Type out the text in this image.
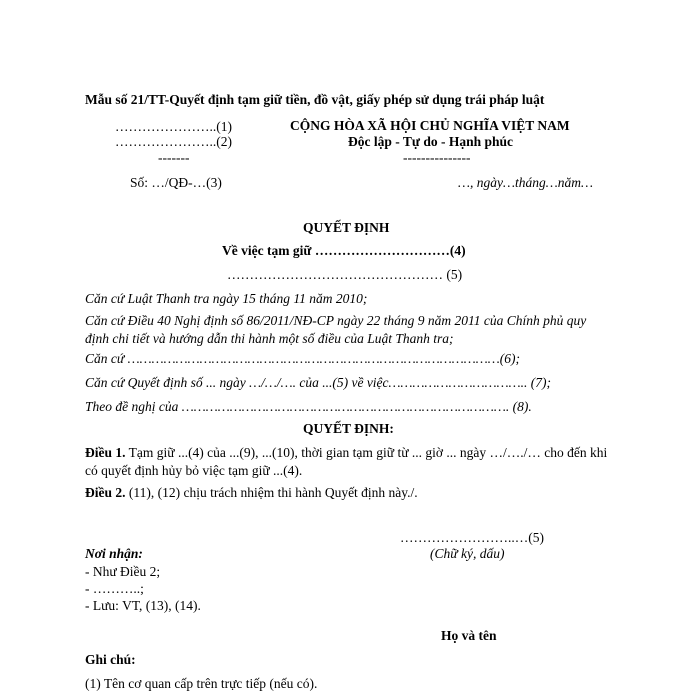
Mẫu số 21/TT-Quyết định tạm giữ tiền, đồ vật, giấy phép sử dụng trái pháp luật
…………………..(1)
…………………..(2)
-------
Số: …/QĐ-…(3)
CỘNG HÒA XÃ HỘI CHỦ NGHĨA VIỆT NAM
Độc lập - Tự do - Hạnh phúc
---------------
…, ngày…tháng…năm…
QUYẾT ĐỊNH
Về việc tạm giữ …………………………(4)
………………………………………… (5)
Căn cứ Luật Thanh tra ngày 15 tháng 11 năm 2010;
Căn cứ Điều 40 Nghị định số 86/2011/NĐ-CP ngày 22 tháng 9 năm 2011 của Chính phủ quy định chi tiết và hướng dẫn thi hành một số điều của Luật Thanh tra;
Căn cứ …………………………………………………………………………………(6);
Căn cứ Quyết định số ... ngày …/…/…. của ...(5) về việc…………………………….. (7);
Theo đề nghị của ………………………………………………………………………. (8).
QUYẾT ĐỊNH:
Điều 1. Tạm giữ ...(4) của ...(9), ...(10), thời gian tạm giữ từ ... giờ ... ngày …/…./… cho đến khi có quyết định hủy bỏ việc tạm giữ ...(4).
Điều 2. (11), (12) chịu trách nhiệm thi hành Quyết định này./.
……………………..…(5)
(Chữ ký, dấu)
Họ và tên
Nơi nhận:
- Như Điều 2;
- ………..;
- Lưu: VT, (13), (14).
Ghi chú:
(1) Tên cơ quan cấp trên trực tiếp (nếu có).
